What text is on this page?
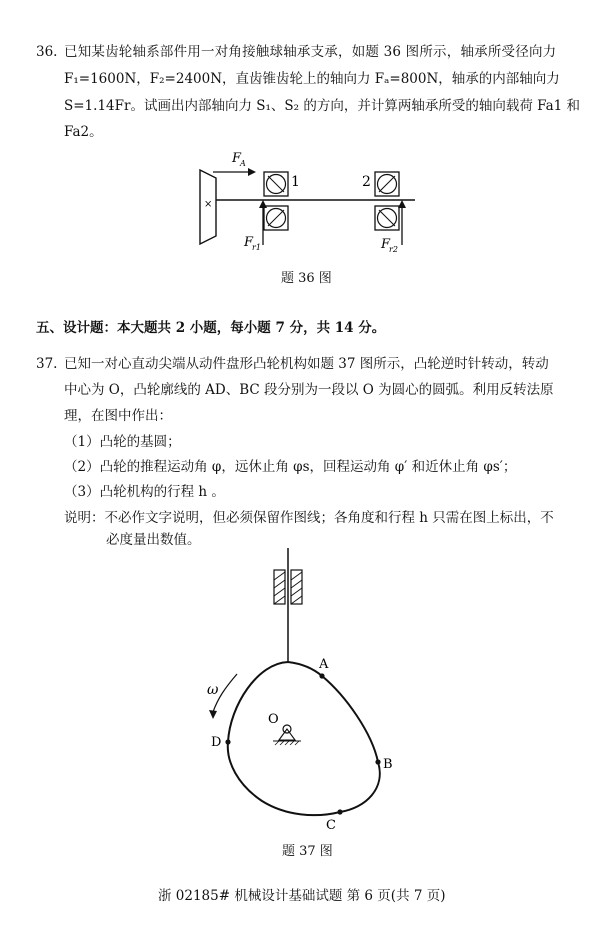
36. 已知某齿轮轴系部件用一对角接触球轴承支承，如题 36 图所示，轴承所受径向力
F₁=1600N，F₂=2400N，直齿锥齿轮上的轴向力 Fₐ=800N，轴承的内部轴向力
S=1.14Fr。试画出内部轴向力 S₁、S₂ 的方向，并计算两轴承所受的轴向载荷 Fa1 和
Fa2。
×
F
A
1	2
F
r1	F
r2
题 36 图
五、设计题：本大题共 2 小题，每小题 7 分，共 14 分。
37. 已知一对心直动尖端从动件盘形凸轮机构如题 37 图所示，凸轮逆时针转动，转动
中心为 O，凸轮廓线的 AD、BC 段分别为一段以 O 为圆心的圆弧。利用反转法原
理，在图中作出：
（1）凸轮的基圆；
（2）凸轮的推程运动角 φ，远休止角 φs，回程运动角 φ′ 和近休止角 φs′；
（3）凸轮机构的行程 h 。
说明：不必作文字说明，但必须保留作图线；各角度和行程 h 只需在图上标出，不
必度量出数值。
A
B
C
D
O
ω
题 37 图
浙 02185# 机械设计基础试题 第 6 页(共 7 页)
